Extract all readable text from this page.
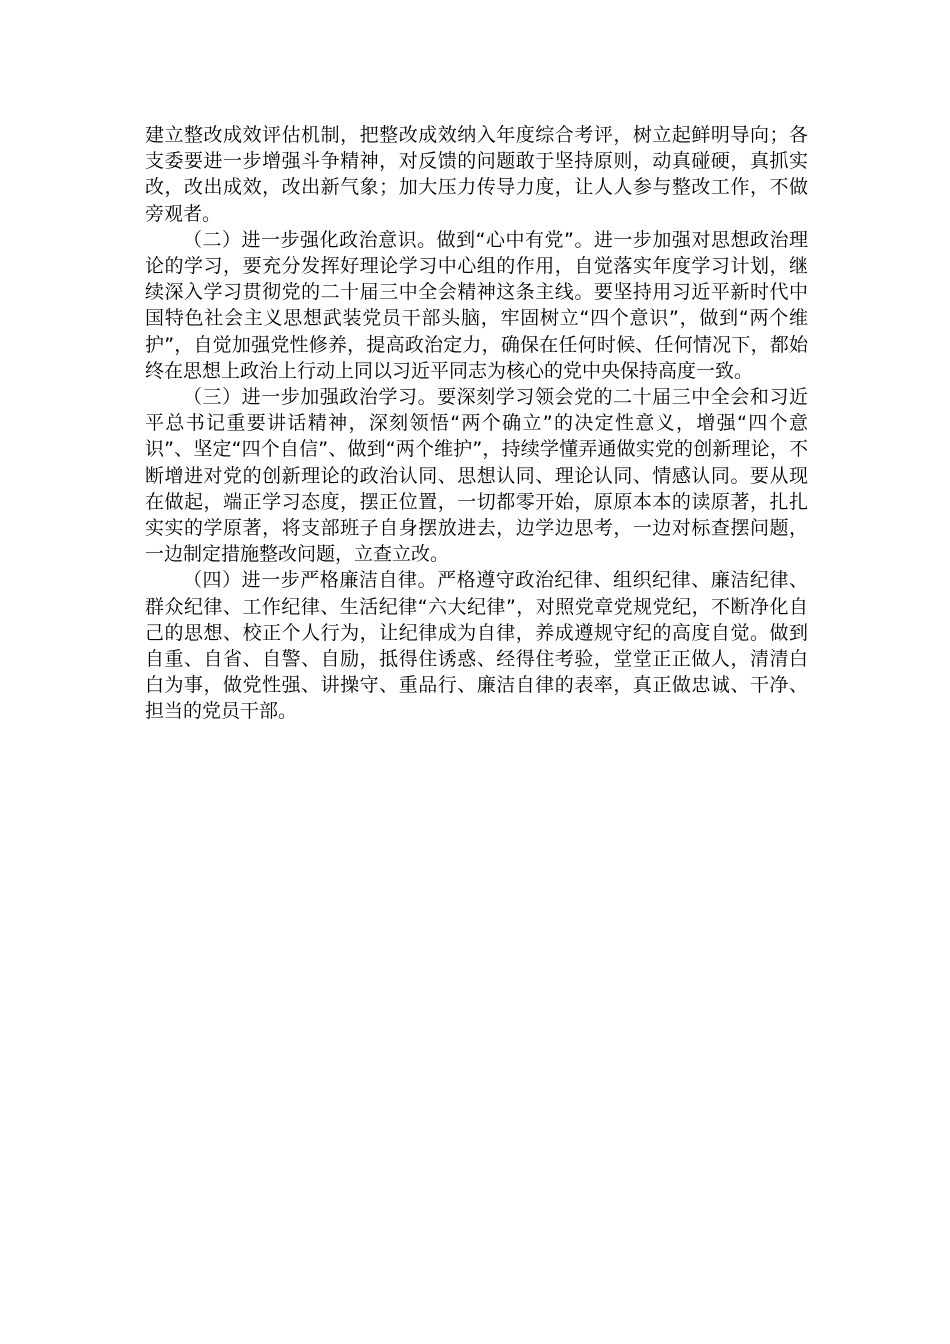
建立整改成效评估机制，把整改成效纳入年度综合考评，树立起鲜明导向；各支委要进一步增强斗争精神，对反馈的问题敢于坚持原则，动真碰硬，真抓实改，改出成效，改出新气象；加大压力传导力度，让人人参与整改工作，不做旁观者。

（二）进一步强化政治意识。做到“心中有党”。进一步加强对思想政治理论的学习，要充分发挥好理论学习中心组的作用，自觉落实年度学习计划，继续深入学习贯彻党的二十届三中全会精神这条主线。要坚持用习近平新时代中国特色社会主义思想武装党员干部头脑，牢固树立“四个意识”，做到“两个维护”，自觉加强党性修养，提高政治定力，确保在任何时候、任何情况下，都始终在思想上政治上行动上同以习近平同志为核心的党中央保持高度一致。

（三）进一步加强政治学习。要深刻学习领会党的二十届三中全会和习近平总书记重要讲话精神，深刻领悟“两个确立”的决定性意义，增强“四个意识”、坚定“四个自信”、做到“两个维护”，持续学懂弄通做实党的创新理论，不断增进对党的创新理论的政治认同、思想认同、理论认同、情感认同。要从现在做起，端正学习态度，摆正位置，一切都零开始，原原本本的读原著，扎扎实实的学原著，将支部班子自身摆放进去，边学边思考，一边对标查摆问题，一边制定措施整改问题，立查立改。

（四）进一步严格廉洁自律。严格遵守政治纪律、组织纪律、廉洁纪律、群众纪律、工作纪律、生活纪律“六大纪律”，对照党章党规党纪，不断净化自己的思想、校正个人行为，让纪律成为自律，养成遵规守纪的高度自觉。做到自重、自省、自警、自励，抵得住诱惑、经得住考验，堂堂正正做人，清清白白为事，做党性强、讲操守、重品行、廉洁自律的表率，真正做忠诚、干净、担当的党员干部。
